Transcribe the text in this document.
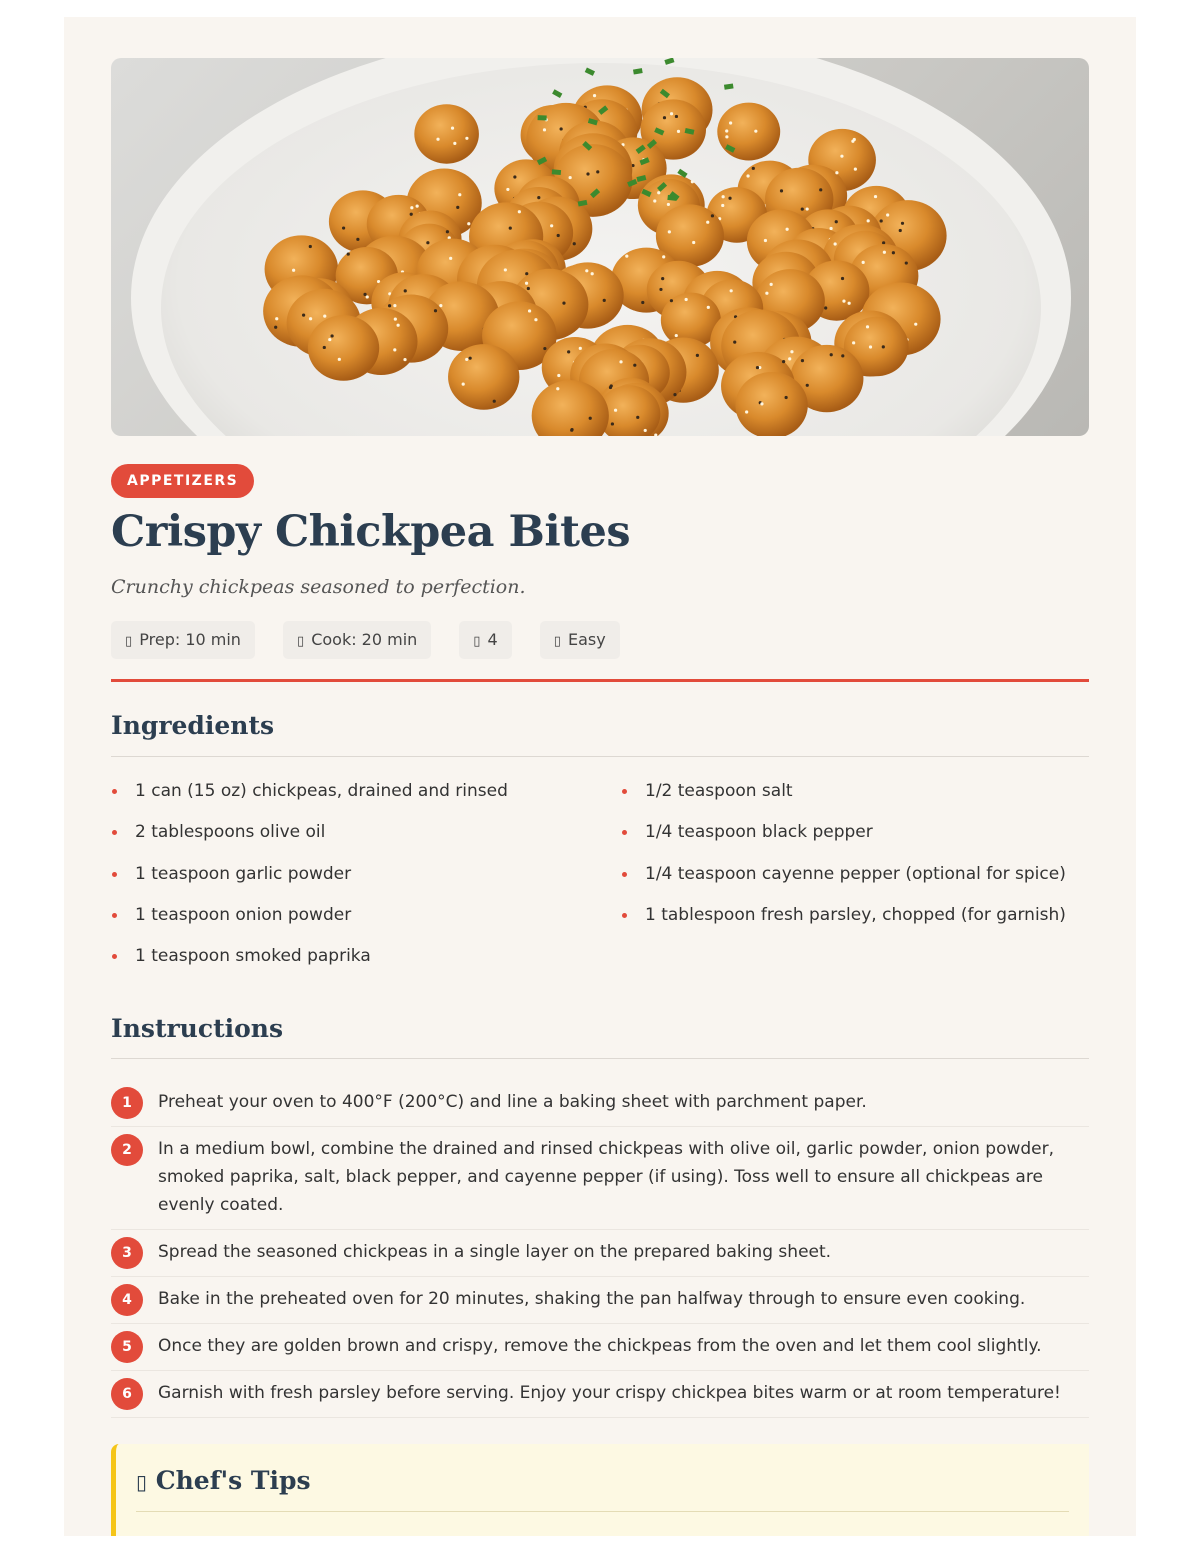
APPETIZERS
Crispy Chickpea Bites

Crunchy chickpeas seasoned to perfection.

▯ Prep: 10 min	▯ Cook: 20 min	▯ 4	▯ Easy
Ingredients
1 can (15 oz) chickpeas, drained and rinsed
2 tablespoons olive oil
1 teaspoon garlic powder
1 teaspoon onion powder
1 teaspoon smoked paprika
1/2 teaspoon salt
1/4 teaspoon black pepper
1/4 teaspoon cayenne pepper (optional for spice)
1 tablespoon fresh parsley, chopped (for garnish)
Instructions
1	Preheat your oven to 400°F (200°C) and line a baking sheet with parchment paper.
2	In a medium bowl, combine the drained and rinsed chickpeas with olive oil, garlic powder, onion powder, smoked paprika, salt, black pepper, and cayenne pepper (if using). Toss well to ensure all chickpeas are evenly coated.
3	Spread the seasoned chickpeas in a single layer on the prepared baking sheet.
4	Bake in the preheated oven for 20 minutes, shaking the pan halfway through to ensure even cooking.
5	Once they are golden brown and crispy, remove the chickpeas from the oven and let them cool slightly.
6	Garnish with fresh parsley before serving. Enjoy your crispy chickpea bites warm or at room temperature!
▯ Chef's Tips
